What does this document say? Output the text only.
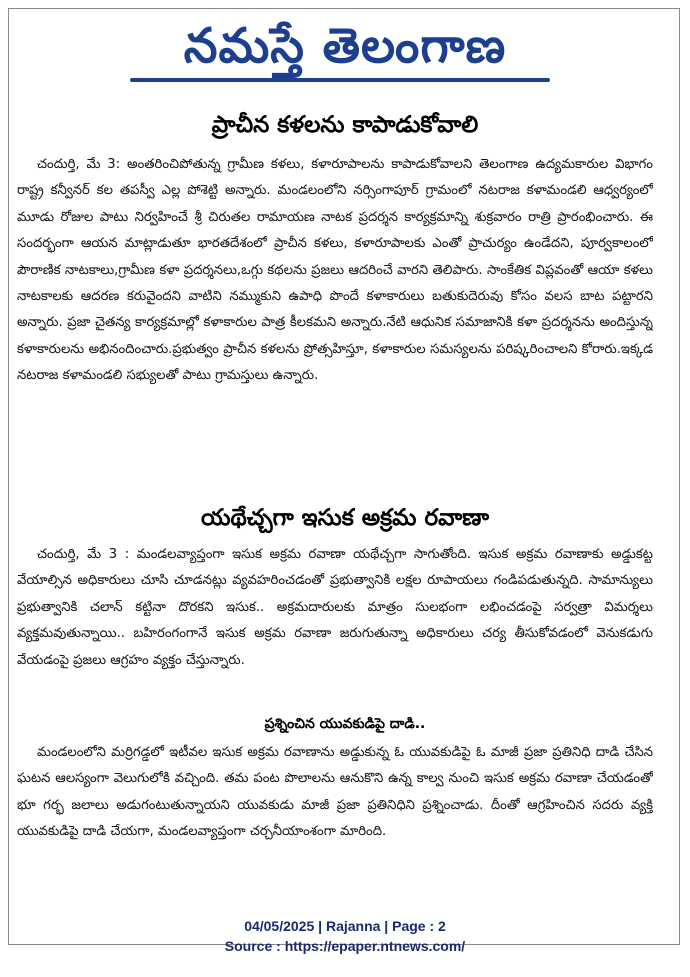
నమస్తే తెలంగాణ
ప్రాచీన కళలను కాపాడుకోవాలి

చందుర్తి, మే 3: అంతరించిపోతున్న గ్రామీణ కళలు, కళారూపాలను కాపాడుకోవాలని తెలంగాణ ఉద్యమకారుల విభాగం రాష్ట్ర కన్వీనర్ కల తపస్వీ ఎల్ల పోశెట్టి అన్నారు. మండలంలోని నర్సింగాపూర్ గ్రామంలో నటరాజ కళామండలి ఆధ్వర్యంలో మూడు రోజుల పాటు నిర్వహించే శ్రీ చిరుతల రామాయణ నాటక ప్రదర్శన కార్యక్రమాన్ని శుక్రవారం రాత్రి ప్రారంభించారు. ఈ సందర్భంగా ఆయన మాట్లాడుతూ భారతదేశంలో ప్రాచీన కళలు, కళారూపాలకు ఎంతో ప్రాచుర్యం ఉండేదని, పూర్వకాలంలో పౌరాణిక నాటకాలు,గ్రామీణ కళా ప్రదర్శనలు,ఒగ్గు కథలను ప్రజలు ఆదరించే వారని తెలిపారు. సాంకేతిక విప్లవంతో ఆయా కళలు నాటకాలకు ఆదరణ కరువైందని వాటిని నమ్ముకుని ఉపాధి పొందే కళాకారులు బతుకుదెరువు కోసం వలస బాట పట్టారని అన్నారు. ప్రజా చైతన్య కార్యక్రమాల్లో కళాకారుల పాత్ర కీలకమని అన్నారు.నేటి ఆధునిక సమాజానికి కళా ప్రదర్శనను అందిస్తున్న కళాకారులను అభినందించారు.ప్రభుత్వం ప్రాచీన కళలను ప్రోత్సహిస్తూ, కళాకారుల సమస్యలను పరిష్కరించాలని కోరారు.ఇక్కడ నటరాజ కళామండలి సభ్యులతో పాటు గ్రామస్తులు ఉన్నారు.

యథేచ్చగా ఇసుక అక్రమ రవాణా

చందుర్తి, మే 3 : మండలవ్యాప్తంగా ఇసుక అక్రమ రవాణా యథేచ్చగా సాగుతోంది. ఇసుక అక్రమ రవాణాకు అడ్డుకట్ట వేయాల్సిన అధికారులు చూసి చూడనట్లు వ్యవహరించడంతో ప్రభుత్వానికి లక్షల రూపాయలు గండిపడుతున్నది. సామాన్యులు ప్రభుత్వానికి చలాన్ కట్టినా దొరకని ఇసుక.. అక్రమదారులకు మాత్రం సులభంగా లభించడంపై సర్వత్రా విమర్శలు వ్యక్తమవుతున్నాయి.. బహిరంగంగానే ఇసుక అక్రమ రవాణా జరుగుతున్నా అధికారులు చర్య తీసుకోవడంలో వెనుకడుగు వేయడంపై ప్రజలు ఆగ్రహం వ్యక్తం చేస్తున్నారు.

ప్రశ్నించిన యువకుడిపై దాడి..

మండలంలోని మర్రిగడ్డలో ఇటీవల ఇసుక అక్రమ రవాణాను అడ్డుకున్న ఓ యువకుడిపై ఓ మాజీ ప్రజా ప్రతినిధి దాడి చేసిన ఘటన ఆలస్యంగా వెలుగులోకి వచ్చింది. తమ పంట పొలాలను ఆనుకొని ఉన్న కాల్వ నుంచి ఇసుక అక్రమ రవాణా చేయడంతో భూ గర్భ జలాలు అడుగంటుతున్నాయని యువకుడు మాజీ ప్రజా ప్రతినిధిని ప్రశ్నించాడు. దీంతో ఆగ్రహించిన సదరు వ్యక్తి యువకుడిపై దాడి చేయగా, మండలవ్యాప్తంగా చర్చనీయాంశంగా మారింది.

04/05/2025 | Rajanna | Page : 2
Source : https://epaper.ntnews.com/
